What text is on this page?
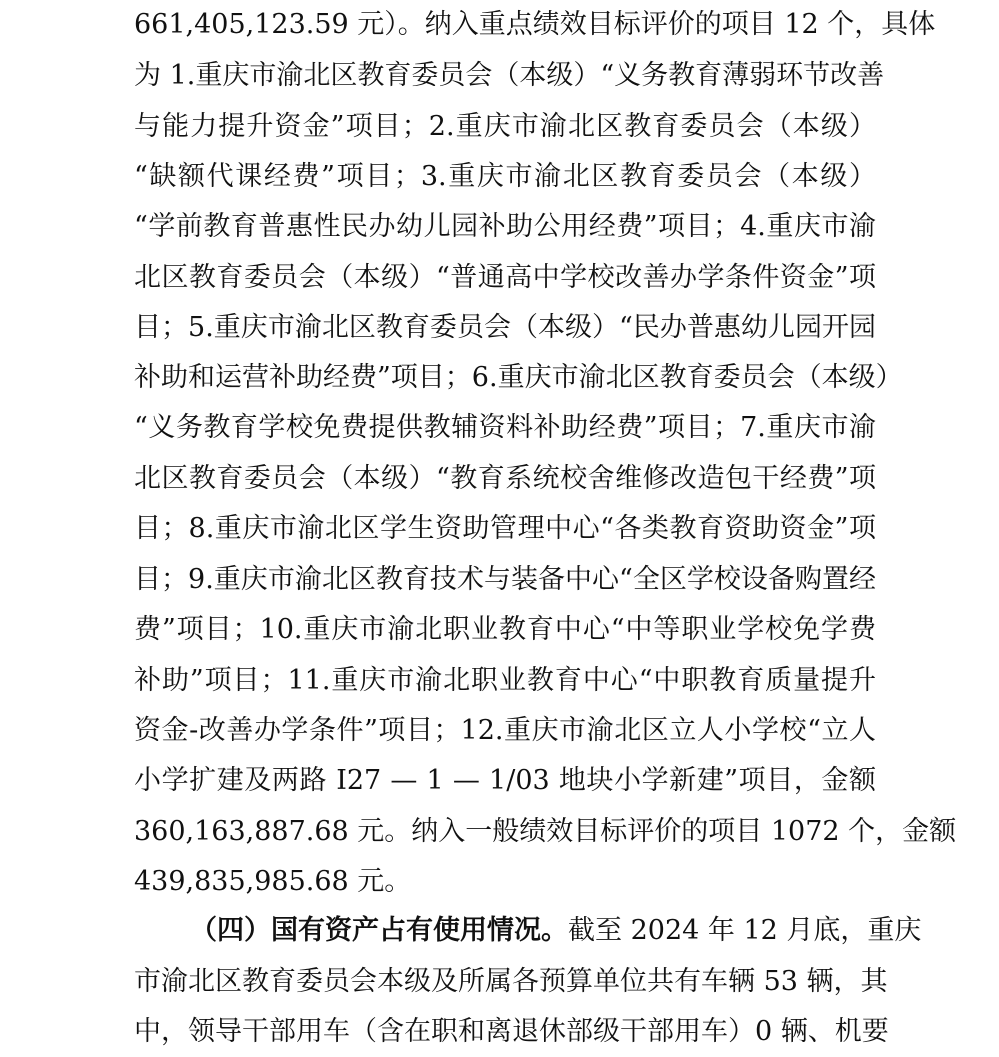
661,405,123.59 元）。纳入重点绩效目标评价的项目 12 个，具体
为 1.重庆市渝北区教育委员会（本级）“义务教育薄弱环节改善
与能力提升资金”项目；2.重庆市渝北区教育委员会（本级）
“缺额代课经费”项目；3.重庆市渝北区教育委员会（本级）
“学前教育普惠性民办幼儿园补助公用经费”项目；4.重庆市渝
北区教育委员会（本级）“普通高中学校改善办学条件资金”项
目；5.重庆市渝北区教育委员会（本级）“民办普惠幼儿园开园
补助和运营补助经费”项目；6.重庆市渝北区教育委员会（本级）
“义务教育学校免费提供教辅资料补助经费”项目；7.重庆市渝
北区教育委员会（本级）“教育系统校舍维修改造包干经费”项
目；8.重庆市渝北区学生资助管理中心“各类教育资助资金”项
目；9.重庆市渝北区教育技术与装备中心“全区学校设备购置经
费”项目；10.重庆市渝北职业教育中心“中等职业学校免学费
补助”项目；11.重庆市渝北职业教育中心“中职教育质量提升
资金-改善办学条件”项目；12.重庆市渝北区立人小学校“立人
小学扩建及两路 I27 — 1 — 1/03 地块小学新建”项目，金额
360,163,887.68 元。纳入一般绩效目标评价的项目 1072 个，金额
439,835,985.68 元。
（四）国有资产占有使用情况。截至 2024 年 12 月底，重庆
市渝北区教育委员会本级及所属各预算单位共有车辆 53 辆，其
中，领导干部用车（含在职和离退休部级干部用车）0 辆、机要
